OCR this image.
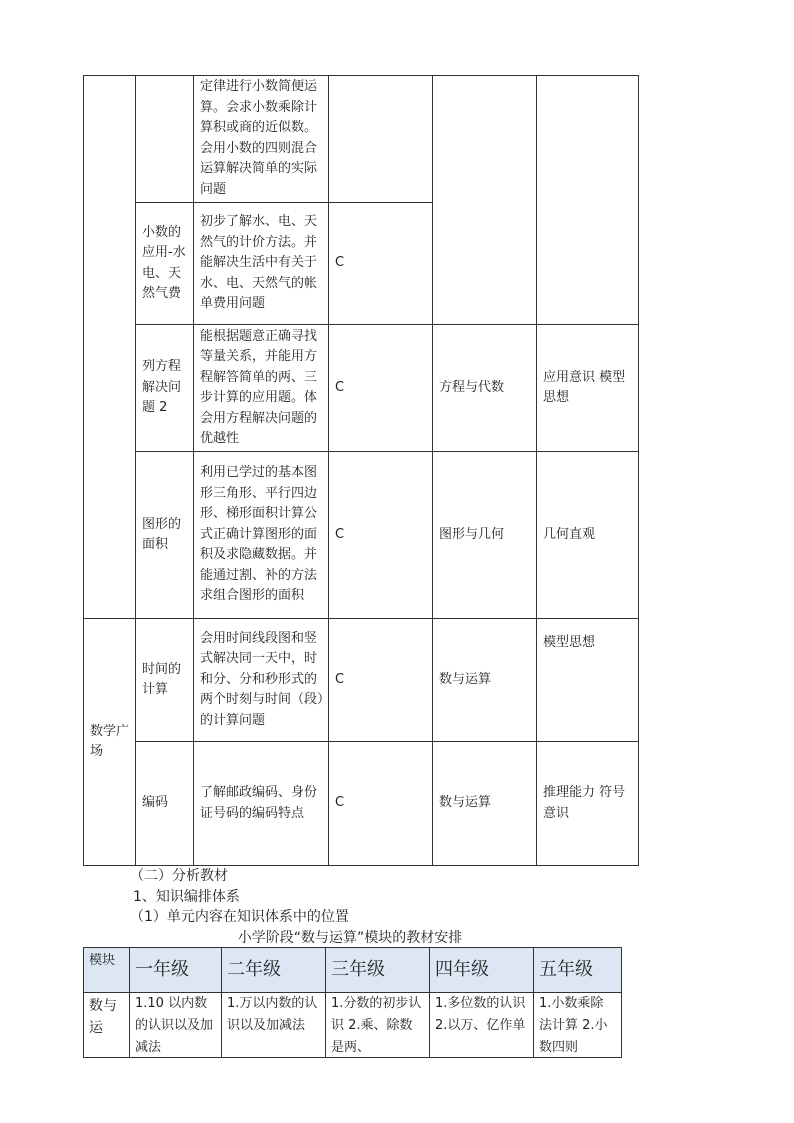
		定律进行小数简便运算。会求小数乘除计算积或商的近似数。会用小数的四则混合运算解决简单的实际问题			
	小数的应用-水电、天然气费	初步了解水、电、天然气的计价方法。并能解决生活中有关于水、电、天然气的帐单费用问题	C		
	列方程解决问题 2	能根据题意正确寻找等量关系，并能用方程解答简单的两、三步计算的应用题。体会用方程解决问题的优越性	C	方程与代数	应用意识 模型思想
	图形的面积	利用已学过的基本图形三角形、平行四边形、梯形面积计算公式正确计算图形的面积及求隐藏数据。并能通过割、补的方法求组合图形的面积	C	图形与几何	几何直观
数学广场	时间的计算	会用时间线段图和竖式解决同一天中，时和分、分和秒形式的两个时刻与时间（段）的计算问题	C	数与运算	模型思想
	编码	了解邮政编码、身份证号码的编码特点	C	数与运算	推理能力 符号意识
（二）分析教材
1、知识编排体系
（1）单元内容在知识体系中的位置
小学阶段“数与运算”模块的教材安排
模块	一年级	二年级	三年级	四年级	五年级

数与运	1.10 以内数的认识以及加减法	1.万以内数的认识以及加减法	1.分数的初步认识 2.乘、除数是两、	1.多位数的认识 2.以万、亿作单	1.小数乘除法计算 2.小数四则
